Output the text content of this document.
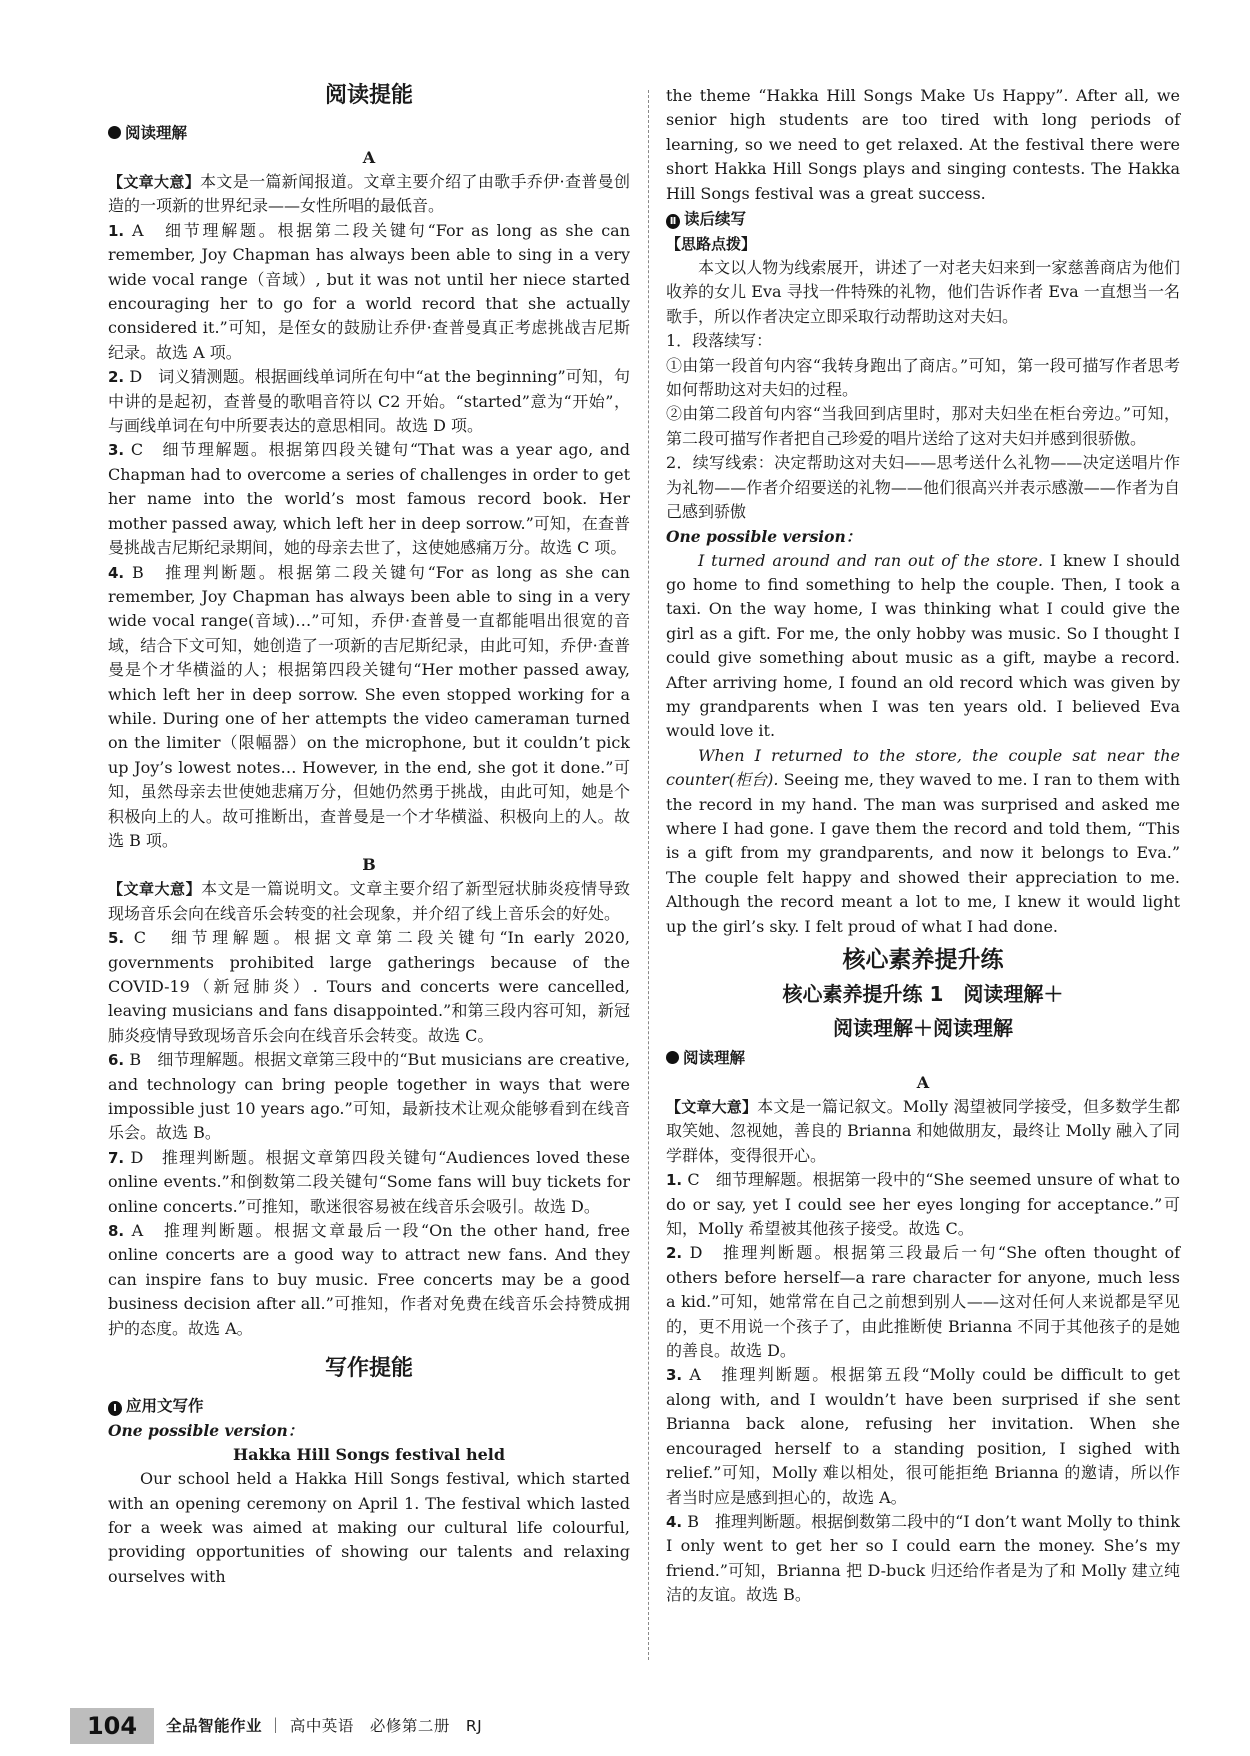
阅读提能

阅读理解

A

【文章大意】本文是一篇新闻报道。文章主要介绍了由歌手乔伊·查普曼创造的一项新的世界纪录——女性所唱的最低音。

1. A　细节理解题。根据第二段关键句“For as long as she can remember, Joy Chapman has always been able to sing in a very wide vocal range（音域）, but it was not until her niece started encouraging her to go for a world record that she actually considered it.”可知，是侄女的鼓励让乔伊·查普曼真正考虑挑战吉尼斯纪录。故选 A 项。

2. D　词义猜测题。根据画线单词所在句中“at the beginning”可知，句中讲的是起初，查普曼的歌唱音符以 C2 开始。“started”意为“开始”，与画线单词在句中所要表达的意思相同。故选 D 项。

3. C　细节理解题。根据第四段关键句“That was a year ago, and Chapman had to overcome a series of challenges in order to get her name into the world’s most famous record book. Her mother passed away, which left her in deep sorrow.”可知，在查普曼挑战吉尼斯纪录期间，她的母亲去世了，这使她感痛万分。故选 C 项。

4. B　推理判断题。根据第二段关键句“For as long as she can remember, Joy Chapman has always been able to sing in a very wide vocal range(音域)…”可知，乔伊·查普曼一直都能唱出很宽的音域，结合下文可知，她创造了一项新的吉尼斯纪录，由此可知，乔伊·查普曼是个才华横溢的人；根据第四段关键句“Her mother passed away, which left her in deep sorrow. She even stopped working for a while. During one of her attempts the video cameraman turned on the limiter（限幅器）on the microphone, but it couldn’t pick up Joy’s lowest notes… However, in the end, she got it done.”可知，虽然母亲去世使她悲痛万分，但她仍然勇于挑战，由此可知，她是个积极向上的人。故可推断出，查普曼是一个才华横溢、积极向上的人。故选 B 项。

B

【文章大意】本文是一篇说明文。文章主要介绍了新型冠状肺炎疫情导致现场音乐会向在线音乐会转变的社会现象，并介绍了线上音乐会的好处。

5. C　细节理解题。根据文章第二段关键句“In early 2020, governments prohibited large gatherings because of the COVID-19（新冠肺炎）. Tours and concerts were cancelled, leaving musicians and fans disappointed.”和第三段内容可知，新冠肺炎疫情导致现场音乐会向在线音乐会转变。故选 C。

6. B　细节理解题。根据文章第三段中的“But musicians are creative, and technology can bring people together in ways that were impossible just 10 years ago.”可知，最新技术让观众能够看到在线音乐会。故选 B。

7. D　推理判断题。根据文章第四段关键句“Audiences loved these online events.”和倒数第二段关键句“Some fans will buy tickets for online concerts.”可推知，歌迷很容易被在线音乐会吸引。故选 D。

8. A　推理判断题。根据文章最后一段“On the other hand, free online concerts are a good way to attract new fans. And they can inspire fans to buy music. Free concerts may be a good business decision after all.”可推知，作者对免费在线音乐会持赞成拥护的态度。故选 A。

写作提能

Ⅰ 应用文写作

One possible version：

Hakka Hill Songs festival held

Our school held a Hakka Hill Songs festival, which started with an opening ceremony on April 1. The festival which lasted for a week was aimed at making our cultural life colourful, providing opportunities of showing our talents and relaxing ourselves with

the theme “Hakka Hill Songs Make Us Happy”. After all, we senior high students are too tired with long periods of learning, so we need to get relaxed. At the festival there were short Hakka Hill Songs plays and singing contests. The Hakka Hill Songs festival was a great success.

Ⅱ 读后续写

【思路点拨】

本文以人物为线索展开，讲述了一对老夫妇来到一家慈善商店为他们收养的女儿 Eva 寻找一件特殊的礼物，他们告诉作者 Eva 一直想当一名歌手，所以作者决定立即采取行动帮助这对夫妇。

1．段落续写：

①由第一段首句内容“我转身跑出了商店。”可知，第一段可描写作者思考如何帮助这对夫妇的过程。

②由第二段首句内容“当我回到店里时，那对夫妇坐在柜台旁边。”可知，第二段可描写作者把自己珍爱的唱片送给了这对夫妇并感到很骄傲。

2．续写线索：决定帮助这对夫妇——思考送什么礼物——决定送唱片作为礼物——作者介绍要送的礼物——他们很高兴并表示感激——作者为自己感到骄傲

One possible version：

I turned around and ran out of the store. I knew I should go home to find something to help the couple. Then, I took a taxi. On the way home, I was thinking what I could give the girl as a gift. For me, the only hobby was music. So I thought I could give something about music as a gift, maybe a record. After arriving home, I found an old record which was given by my grandparents when I was ten years old. I believed Eva would love it.

When I returned to the store, the couple sat near the counter(柜台). Seeing me, they waved to me. I ran to them with the record in my hand. The man was surprised and asked me where I had gone. I gave them the record and told them, “This is a gift from my grandparents, and now it belongs to Eva.” The couple felt happy and showed their appreciation to me. Although the record meant a lot to me, I knew it would light up the girl’s sky. I felt proud of what I had done.

核心素养提升练
核心素养提升练 1　阅读理解＋
阅读理解＋阅读理解

阅读理解

A

【文章大意】本文是一篇记叙文。Molly 渴望被同学接受，但多数学生都取笑她、忽视她，善良的 Brianna 和她做朋友，最终让 Molly 融入了同学群体，变得很开心。

1. C　细节理解题。根据第一段中的“She seemed unsure of what to do or say, yet I could see her eyes longing for acceptance.”可知，Molly 希望被其他孩子接受。故选 C。

2. D　推理判断题。根据第三段最后一句“She often thought of others before herself—a rare character for anyone, much less a kid.”可知，她常常在自己之前想到别人——这对任何人来说都是罕见的，更不用说一个孩子了，由此推断使 Brianna 不同于其他孩子的是她的善良。故选 D。

3. A　推理判断题。根据第五段“Molly could be difficult to get along with, and I wouldn’t have been surprised if she sent Brianna back alone, refusing her invitation. When she encouraged herself to a standing position, I sighed with relief.”可知，Molly 难以相处，很可能拒绝 Brianna 的邀请，所以作者当时应是感到担心的，故选 A。

4. B　推理判断题。根据倒数第二段中的“I don’t want Molly to think I only went to get her so I could earn the money. She’s my friend.”可知，Brianna 把 D-buck 归还给作者是为了和 Molly 建立纯洁的友谊。故选 B。

104	全品智能作业 ｜ 高中英语　必修第二册　RJ
